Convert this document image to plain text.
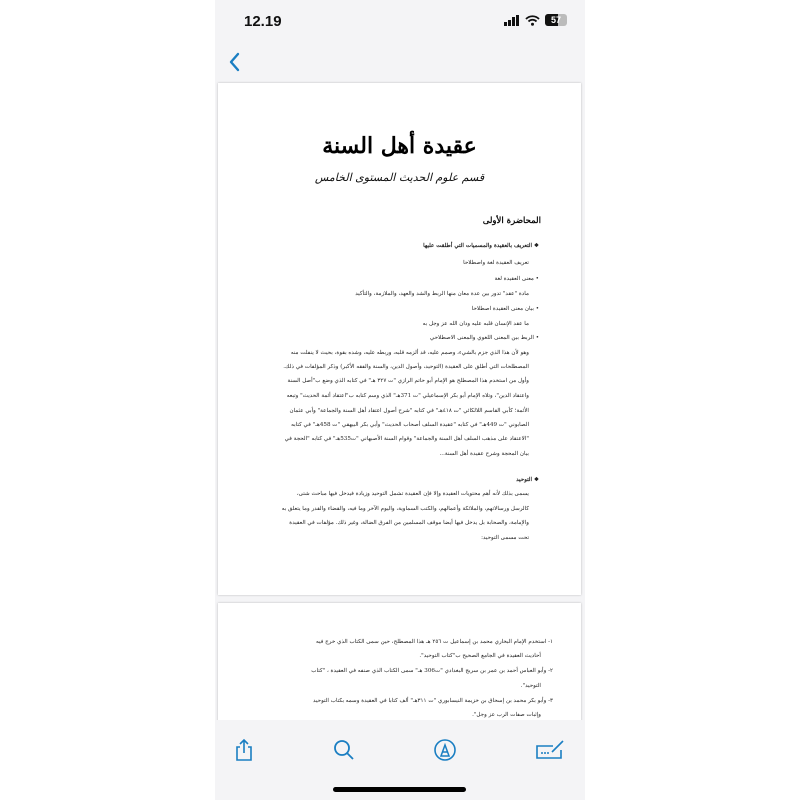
12.19	57
عقيدة أهل السنة
قسم علوم الحديث المستوى الخامس
المحاضرة الأولى
❖ التعريف بالعقيدة والمسميات التي أطلقت عليها
تعريف العقيدة لغة واصطلاحا
• معنى العقيدة لغة
مادة "عقد" تدور بين عدة معان منها الربط والشد والعهد، والملازمة، والتأكيد
• بيان معنى العقيدة اصطلاحا
ما عقد الإنسان قلبه عليه ودان الله عز وجل به
• الربط بين المعنى اللغوي والمعنى الاصطلاحي
وهو لأن هذا الذي جزم بالشيء، وصمم عليه، قد ألزمه قلبه، وربطه عليه، وشده بقوة، بحيث لا ينفلت منه
المصطلحات التي أطلق على العقيدة (التوحيد، وأصول الدين، والسنة والفقه الأكبر) وذكر المؤلفات في ذلك.
وأول من استخدم هذا المصطلح هو الإمام أبو حاتم الرازي "ت ٣٢٧ هـ" في كتابه الذي وضع ب"أصل السنة
واعتقاد الدين"، وتلاه الإمام أبو بكر الإسماعيلي "ت 371هـ" الذي وسم كتابه ب"اعتقاد أئمة الحديث" وتبعه
الأئمة؛ كأبي القاسم اللالكائي "ت ٤١٨هـ" في كتابه "شرح أصول اعتقاد أهل السنة والجماعة" وأبي عثمان
الصابوني "ت 449هـ" في كتابه "عقيدة السلف أصحاب الحديث" وأبي بكر البيهقي "ت 458هـ" في كتابه
"الاعتقاد على مذهب السلف أهل السنة والجماعة" وقوام السنة الأصبهاني "ت535هـ" في كتابه "الحجة في
بيان المحجة وشرح عقيدة أهل السنة...
❖ التوحيد
يسمى بذلك لأنه أهم محتويات العقيدة وإلا فإن العقيدة تشمل التوحيد وزيادة فيدخل فيها مباحث شتى،
كالرسل ورسالاتهم، والملائكة وأعمالهم، والكتب السماوية، واليوم الآخر وما فيه، والقضاء والقدر وما يتعلق به
والإمامة، والصحابة بل يدخل فيها أيضا موقف المسلمين من الفرق الضالة، وغير ذلك. مؤلفات في العقيدة
تحت مسمى التوحيد:
١- استخدم الإمام البخاري محمد بن إسماعيل ت ٢٥٦ هـ هذا المصطلح، حين سمى الكتاب الذي خرج فيه
أحاديث العقيدة في الجامع الصحيح ب"كتاب التوحيد".
٢- وأبو العباس أحمد بن عمر بن سريج البغدادي "ت306 هـ" سمى الكتاب الذي صنفه في العقيدة ، "كتاب
التوحيد".
٣- وأبو بكر محمد بن إسحاق بن خزيمة النيسابوري "ت ٣١١هـ" ألف كتابا في العقيدة وسمه بكتاب التوحيد
وإثبات صفات الرب عز وجل".
